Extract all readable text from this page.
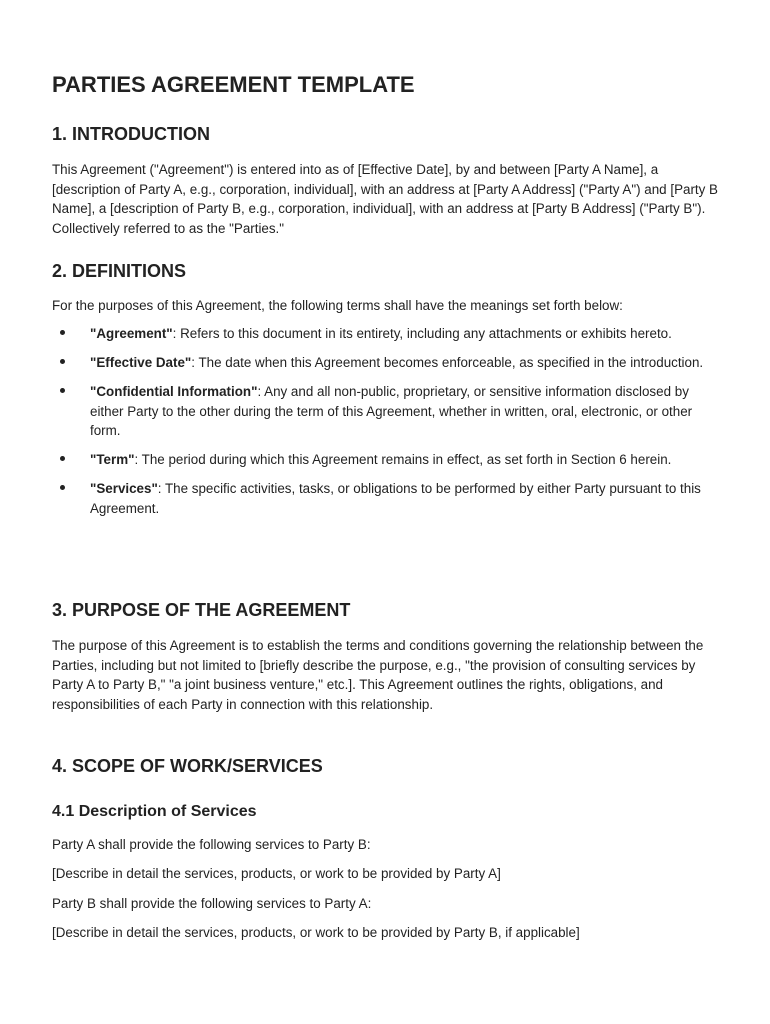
PARTIES AGREEMENT TEMPLATE
1. INTRODUCTION

This Agreement ("Agreement") is entered into as of [Effective Date], by and between [Party A Name], a [description of Party A, e.g., corporation, individual], with an address at [Party A Address] ("Party A") and [Party B Name], a [description of Party B, e.g., corporation, individual], with an address at [Party B Address] ("Party B"). Collectively referred to as the "Parties."

2. DEFINITIONS

For the purposes of this Agreement, the following terms shall have the meanings set forth below:

"Agreement": Refers to this document in its entirety, including any attachments or exhibits hereto.
"Effective Date": The date when this Agreement becomes enforceable, as specified in the introduction.
"Confidential Information": Any and all non-public, proprietary, or sensitive information disclosed by either Party to the other during the term of this Agreement, whether in written, oral, electronic, or other form.
"Term": The period during which this Agreement remains in effect, as set forth in Section 6 herein.
"Services": The specific activities, tasks, or obligations to be performed by either Party pursuant to this Agreement.
3. PURPOSE OF THE AGREEMENT

The purpose of this Agreement is to establish the terms and conditions governing the relationship between the Parties, including but not limited to [briefly describe the purpose, e.g., "the provision of consulting services by Party A to Party B," "a joint business venture," etc.]. This Agreement outlines the rights, obligations, and responsibilities of each Party in connection with this relationship.

4. SCOPE OF WORK/SERVICES
4.1 Description of Services

Party A shall provide the following services to Party B:

[Describe in detail the services, products, or work to be provided by Party A]

Party B shall provide the following services to Party A:

[Describe in detail the services, products, or work to be provided by Party B, if applicable]
